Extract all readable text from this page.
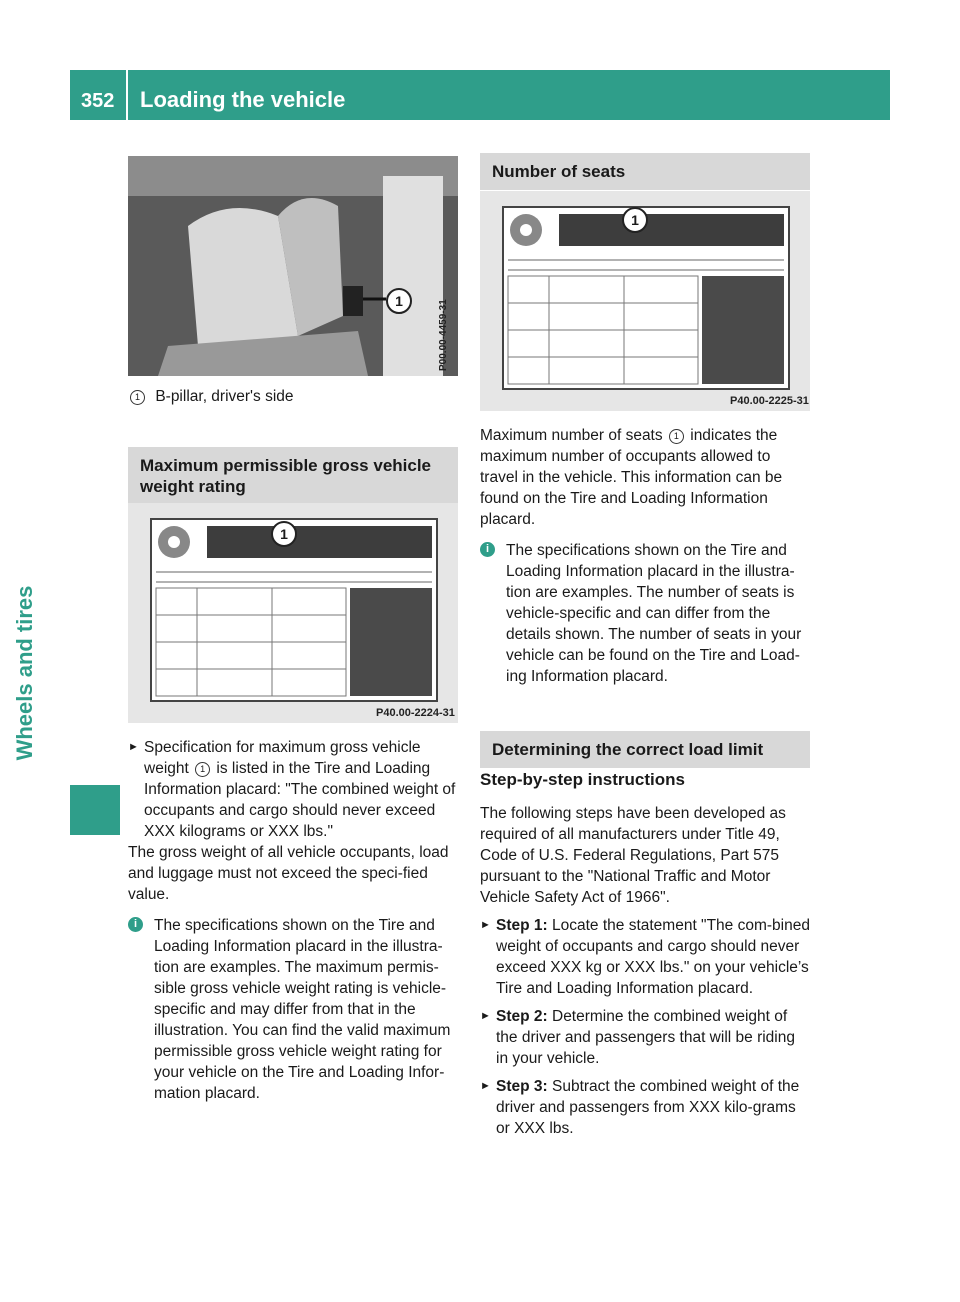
352 Loading the vehicle
Wheels and tires
P00.00-4459-31
1
1 B-pillar, driver's side
Maximum permissible gross vehicle weight rating
1
P40.00-2224-31
► Specification for maximum gross vehicle weight 1 is listed in the Tire and Loading Information placard: "The combined weight of occupants and cargo should never exceed XXX kilograms or XXX lbs."
The gross weight of all vehicle occupants, load and luggage must not exceed the speci-fied value.
i	The specifications shown on the Tire and Loading Information placard in the illustra-tion are examples. The maximum permis-sible gross vehicle weight rating is vehicle-specific and may differ from that in the illustration. You can find the valid maximum permissible gross vehicle weight rating for your vehicle on the Tire and Loading Infor-mation placard.
Number of seats
1
P40.00-2225-31
Maximum number of seats 1 indicates the maximum number of occupants allowed to travel in the vehicle. This information can be found on the Tire and Loading Information placard.
i	The specifications shown on the Tire and Loading Information placard in the illustra-tion are examples. The number of seats is vehicle-specific and can differ from the details shown. The number of seats in your vehicle can be found on the Tire and Load-ing Information placard.
Determining the correct load limit
Step-by-step instructions
The following steps have been developed as required of all manufacturers under Title 49, Code of U.S. Federal Regulations, Part 575 pursuant to the "National Traffic and Motor Vehicle Safety Act of 1966".
► Step 1: Locate the statement "The com-bined weight of occupants and cargo should never exceed XXX kg or XXX lbs." on your vehicle’s Tire and Loading Information placard.
► Step 2: Determine the combined weight of the driver and passengers that will be riding in your vehicle.
► Step 3: Subtract the combined weight of the driver and passengers from XXX kilo-grams or XXX lbs.
